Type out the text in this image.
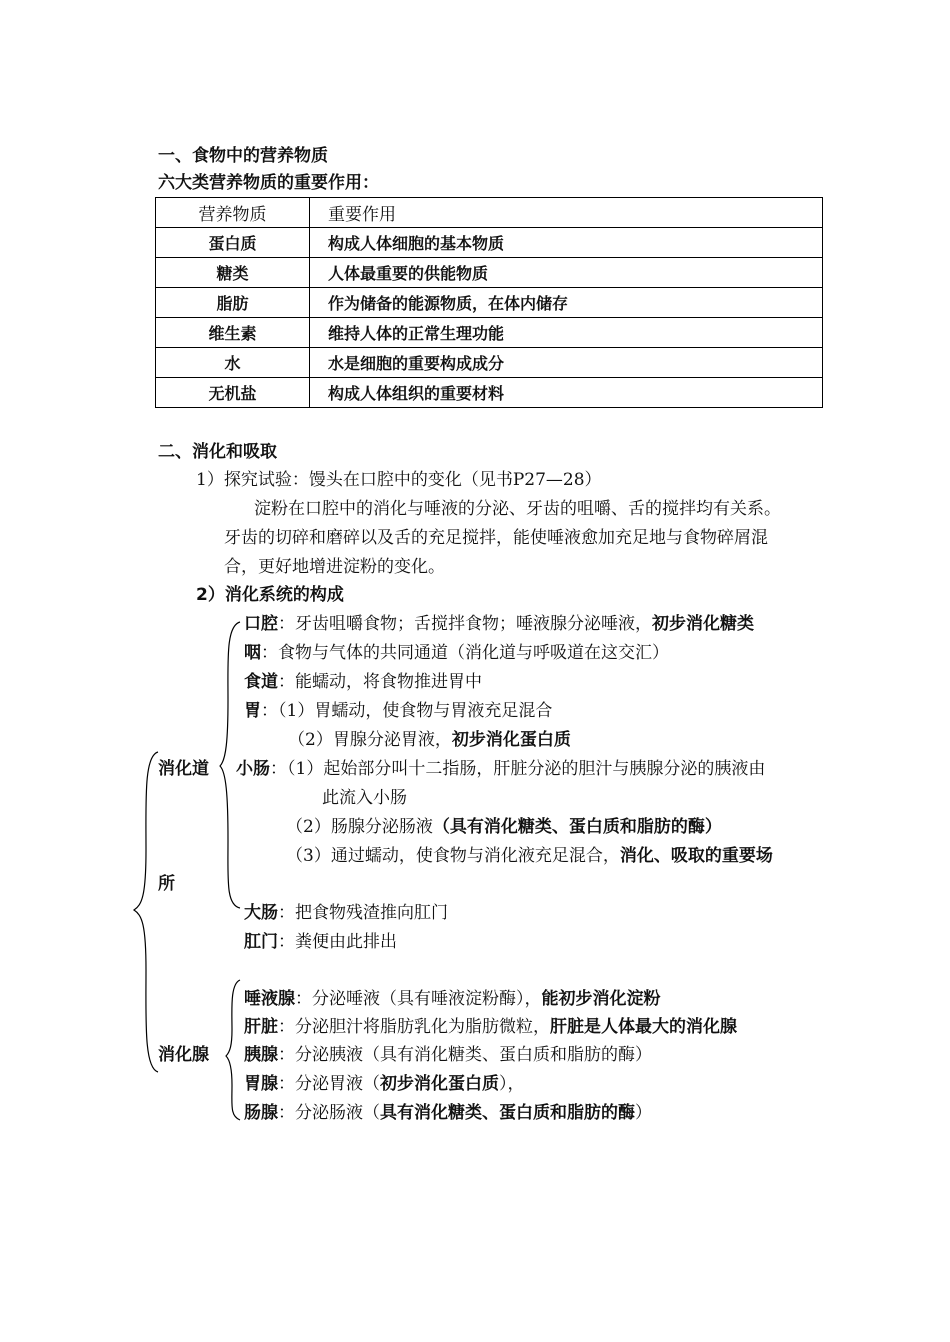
一、食物中的营养物质
六大类营养物质的重要作用：
营养物质	重要作用
蛋白质	构成人体细胞的基本物质
糖类	人体最重要的供能物质
脂肪	作为储备的能源物质，在体内储存
维生素	维持人体的正常生理功能
水	水是细胞的重要构成成分
无机盐	构成人体组织的重要材料
二、消化和吸取
1）探究试验：馒头在口腔中的变化（见书P27—28）
淀粉在口腔中的消化与唾液的分泌、牙齿的咀嚼、舌的搅拌均有关系。
牙齿的切碎和磨碎以及舌的充足搅拌，能使唾液愈加充足地与食物碎屑混
合，更好地增进淀粉的变化。
2）消化系统的构成
消化道
所
消化腺
口腔：牙齿咀嚼食物；舌搅拌食物；唾液腺分泌唾液，初步消化糖类
咽：食物与气体的共同通道（消化道与呼吸道在这交汇）
食道：能蠕动，将食物推进胃中
胃：（1）胃蠕动，使食物与胃液充足混合
（2）胃腺分泌胃液，初步消化蛋白质
小肠：（1）起始部分叫十二指肠，肝脏分泌的胆汁与胰腺分泌的胰液由
此流入小肠
（2）肠腺分泌肠液（具有消化糖类、蛋白质和脂肪的酶）
（3）通过蠕动，使食物与消化液充足混合，消化、吸取的重要场
大肠：把食物残渣推向肛门
肛门：粪便由此排出
唾液腺：分泌唾液（具有唾液淀粉酶），能初步消化淀粉
肝脏：分泌胆汁将脂肪乳化为脂肪微粒，肝脏是人体最大的消化腺
胰腺：分泌胰液（具有消化糖类、蛋白质和脂肪的酶）
胃腺：分泌胃液（初步消化蛋白质），
肠腺：分泌肠液（具有消化糖类、蛋白质和脂肪的酶）
